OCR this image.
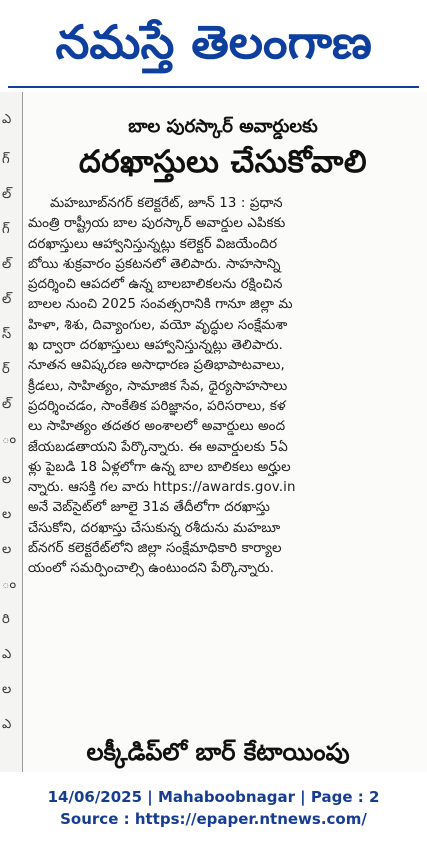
నమస్తే తెలంగాణ
ఎ
గ్
ల్
గ్
ల్
ల్
స్
ర్
ల్
ం
ల
ల
ల
ం
రి
ఎ
ల
ఎ
బాల పురస్కార్ అవార్డులకు
దరఖాస్తులు చేసుకోవాలి
మహబూబ్‌నగర్ కలెక్టరేట్, జూన్ 13 : ప్రధాన
మంత్రి రాష్ట్రీయ బాల పురస్కార్ అవార్డుల ఎపికకు
దరఖాస్తులు ఆహ్వానిస్తున్నట్లు కలెక్టర్ విజయేందిర
బోయి శుక్రవారం ప్రకటనలో తెలిపారు. సాహసాన్ని
ప్రదర్శించి ఆపదలో ఉన్న బాలబాలికలను రక్షించిన
బాలల నుంచి 2025 సంవత్సరానికి గానూ జిల్లా మ
హిళా, శిశు, దివ్యాంగుల, వయో వృద్ధుల సంక్షేమశా
ఖ ద్వారా దరఖాస్తులు ఆహ్వానిస్తున్నట్లు తెలిపారు.
నూతన ఆవిష్కరణ అసాధారణ ప్రతిభాపాటవాలు,
క్రీడలు, సాహిత్యం, సామాజిక సేవ, ధైర్యసాహసాలు
ప్రదర్శించడం, సాంకేతిక పరిజ్ఞానం, పరిసరాలు, కళ
లు సాహిత్యం తదతర అంశాలలో అవార్డులు అంద
జేయబడతాయని పేర్కొన్నారు. ఈ అవార్డులకు 5ఏ
ళ్లు పైబడి 18 ఏళ్లలోగా ఉన్న బాల బాలికలు అర్హుల
న్నారు. ఆసక్తి గల వారు https://awards.gov.in
అనే వెబ్‌సైట్‌లో జూలై 31వ తేదీలోగా దరఖాస్తు
చేసుకోని, దరఖాస్తు చేసుకున్న రశీదును మహబూ
బ్‌నగర్ కలెక్టరేట్‌లోని జిల్లా సంక్షేమాధికారి కార్యాల
యంలో సమర్పించాల్సి ఉంటుందని పేర్కొన్నారు.
లక్కీడిప్‌లో బార్ కేటాయింపు
14/06/2025 | Mahaboobnagar | Page : 2
Source : https://epaper.ntnews.com/
